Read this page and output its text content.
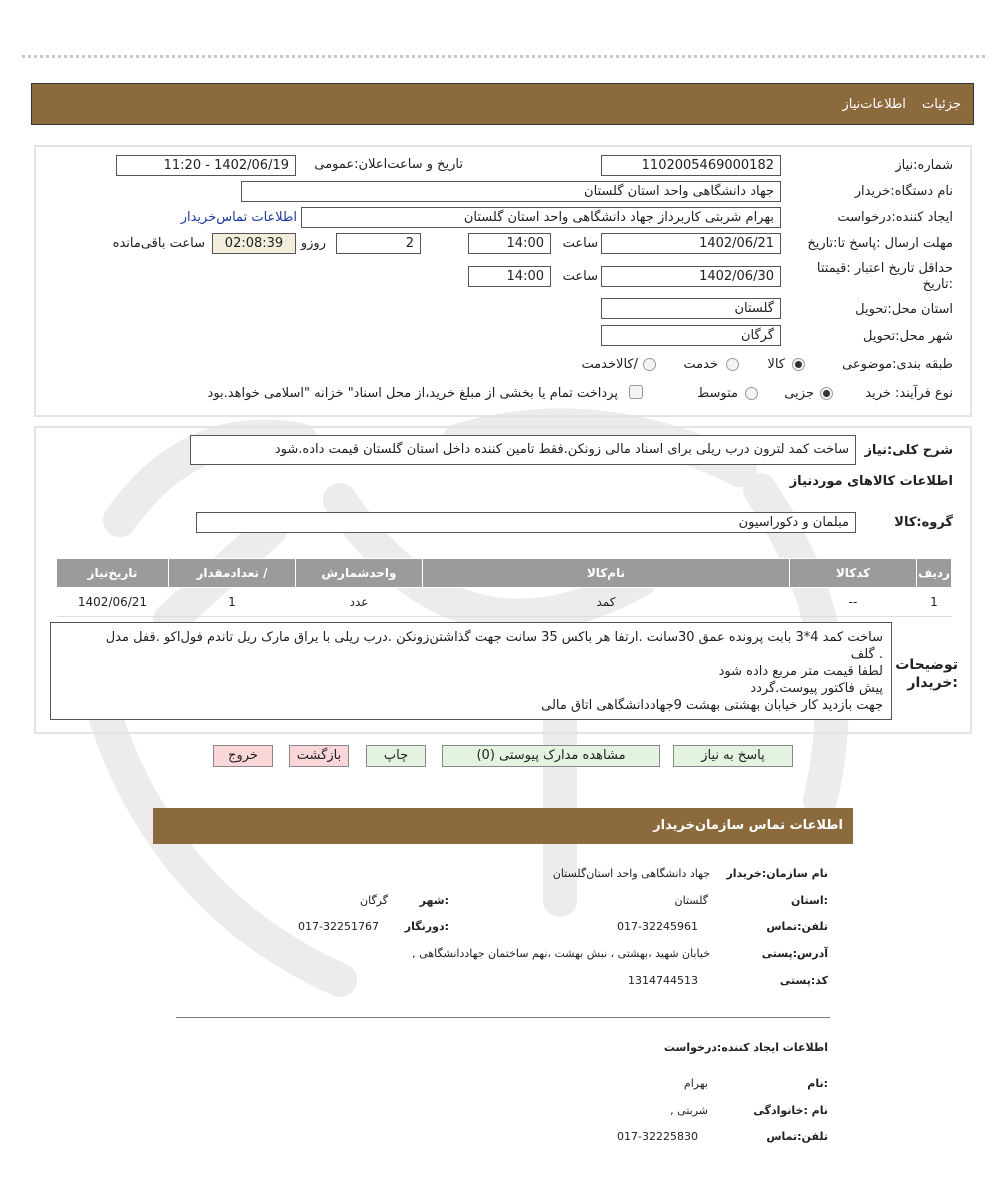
جزئیات اطلاعات‌نیاز
شماره:نیاز
1102005469000182
تاریخ و ساعت‌اعلان:عمومی
1402/06/19 - 11:20
نام دستگاه:خریدار
جهاد دانشگاهی واحد استان گلستان
ایجاد کننده:درخواست
بهرام شربتی کاربرداز جهاد دانشگاهی واحد استان گلستان
اطلاعات تماس‌خریدار
مهلت ارسال :پاسخ تا:تاریخ
1402/06/21
ساعت
14:00
2
روزو
02:08:39
ساعت باقی‌مانده
حداقل تاریخ اعتبار :قیمتتا
:تاریخ
1402/06/30
ساعت
14:00
استان محل:تحویل
گلستان
شهر محل:تحویل
گرگان
طبقه بندی:موضوعی
کالا
خدمت
/کالاخدمت
نوع فرآیند: خرید
جزیی
متوسط
پرداخت تمام یا بخشی از مبلغ خرید،از محل اسناد" خزانه "اسلامی خواهد.بود
شرح کلی:نیاز
ساخت کمد لترون درب ریلی برای اسناد مالی زونکن.فقط تامین کننده داخل استان گلستان قیمت داده.شود
اطلاعات کالاهای موردنیاز
گروه:کالا
مبلمان و دکوراسیون
ردیف	کدکالا	نام‌کالا	واحدشمارش	/ تعدادمقدار	تاریخ‌نیاز
1	--	کمد	عدد	1	1402/06/21
توضیحات
:خریدار
ساخت کمد 4*3 بابت پرونده عمق 30سانت .ارتفا هر باکس 35 سانت جهت گذاشتن‌زونکن .درب ریلی با یراق مارک ریل تاندم فول‌اکو .قفل مدل
. گلف
لطفا قیمت متر مربع داده شود
پیش فاکتور پیوست.گردد
جهت بازدید کار خیابان بهشتی بهشت 9جهاددانشگاهی اتاق مالی
پاسخ به نیاز
مشاهده مدارک پیوستی (0)
چاپ
بازگشت
خروج
اطلاعات تماس سازمان‌خریدار
نام سازمان:خریدار
جهاد دانشگاهی واحد استان‌گلستان
:استان
گلستان
:شهر
گرگان
تلفن:تماس
017-32245961
:دورنگار
017-32251767
آدرس:پستی
خیابان شهید ،بهشتی ، نبش بهشت ،نهم ساختمان جهاددانشگاهی ,
کد:پستی
1314744513
اطلاعات ایجاد کننده:درخواست
:نام
بهرام
نام :خانوادگی
شربتی ,
تلفن:تماس
017-32225830
